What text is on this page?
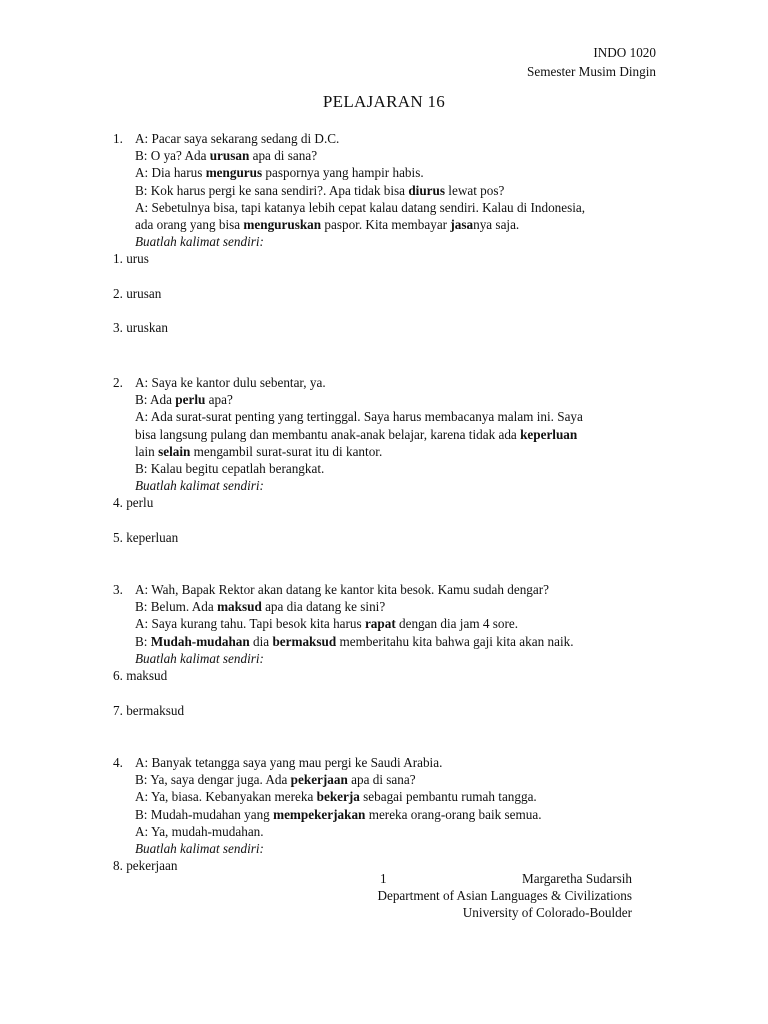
INDO 1020
Semester Musim Dingin
PELAJARAN 16
1. A: Pacar saya sekarang sedang di D.C.
B: O ya? Ada urusan apa di sana?
A: Dia harus mengurus paspornya yang hampir habis.
B: Kok harus pergi ke sana sendiri?. Apa tidak bisa diurus lewat pos?
A: Sebetulnya bisa, tapi katanya lebih cepat kalau datang sendiri. Kalau di Indonesia,
ada orang yang bisa menguruskan paspor. Kita membayar jasanya saja.
Buatlah kalimat sendiri:
1. urus
2. urusan
3. uruskan
2. A: Saya ke kantor dulu sebentar, ya.
B: Ada perlu apa?
A: Ada surat-surat penting yang tertinggal. Saya harus membacanya malam ini. Saya
bisa langsung pulang dan membantu anak-anak belajar, karena tidak ada keperluan
lain selain mengambil surat-surat itu di kantor.
B: Kalau begitu cepatlah berangkat.
Buatlah kalimat sendiri:
4. perlu
5. keperluan
3. A: Wah, Bapak Rektor akan datang ke kantor kita besok. Kamu sudah dengar?
B: Belum. Ada maksud apa dia datang ke sini?
A: Saya kurang tahu. Tapi besok kita harus rapat dengan dia jam 4 sore.
B: Mudah-mudahan dia bermaksud memberitahu kita bahwa gaji kita akan naik.
Buatlah kalimat sendiri:
6. maksud
7. bermaksud
4. A: Banyak tetangga saya yang mau pergi ke Saudi Arabia.
B: Ya, saya dengar juga. Ada pekerjaan apa di sana?
A: Ya, biasa. Kebanyakan mereka bekerja sebagai pembantu rumah tangga.
B: Mudah-mudahan yang mempekerjakan mereka orang-orang baik semua.
A: Ya, mudah-mudahan.
Buatlah kalimat sendiri:
8. pekerjaan
1	Margaretha Sudarsih
Department of Asian Languages & Civilizations
University of Colorado-Boulder
